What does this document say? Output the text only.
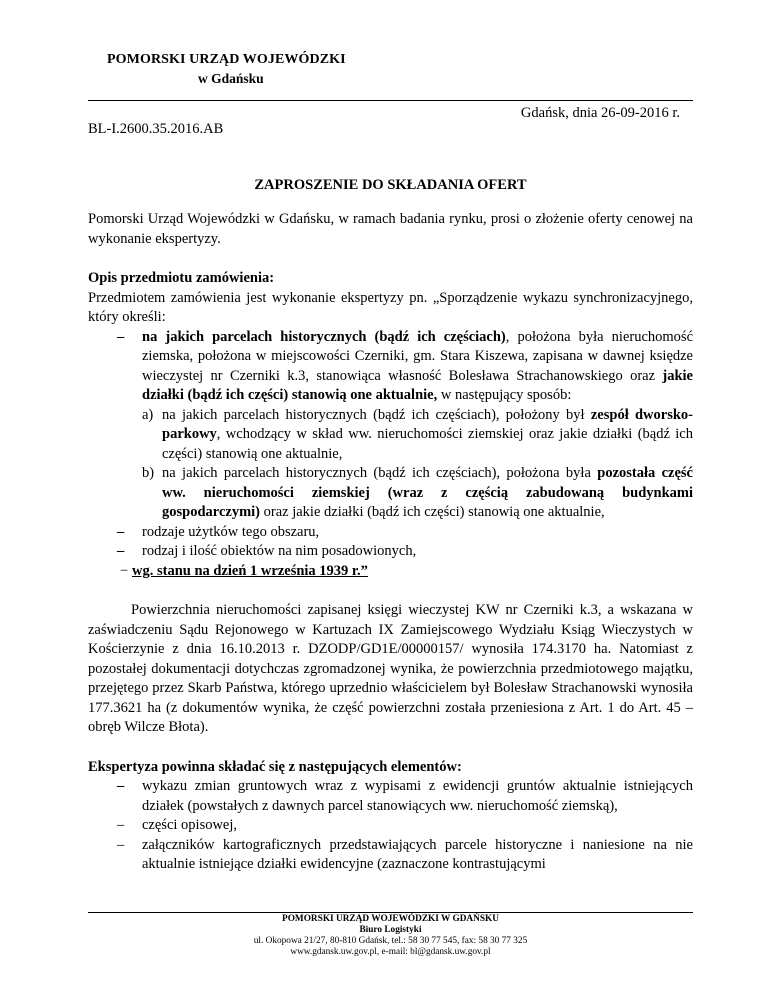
POMORSKI URZĄD WOJEWÓDZKI
w Gdańsku
Gdańsk, dnia 26-09-2016 r.
BL-I.2600.35.2016.AB
ZAPROSZENIE DO SKŁADANIA OFERT

Pomorski Urząd Wojewódzki w Gdańsku, w ramach badania rynku, prosi o złożenie oferty cenowej na wykonanie ekspertyzy.

Opis przedmiotu zamówienia:

Przedmiotem zamówienia jest wykonanie ekspertyzy pn. „Sporządzenie wykazu synchronizacyjnego, który określi:

–	na jakich parcelach historycznych (bądź ich częściach), położona była nieruchomość ziemska, położona w miejscowości Czerniki, gm. Stara Kiszewa, zapisana w dawnej księdze wieczystej nr Czerniki k.3, stanowiąca własność Bolesława Strachanowskiego oraz jakie działki (bądź ich części) stanowią one aktualnie, w następujący sposób:
a) na jakich parcelach historycznych (bądź ich częściach), położony był zespół dworsko-parkowy, wchodzący w skład ww. nieruchomości ziemskiej oraz jakie działki (bądź ich części) stanowią one aktualnie,
b) na jakich parcelach historycznych (bądź ich częściach), położona była pozostała część ww. nieruchomości ziemskiej (wraz z częścią zabudowaną budynkami gospodarczymi) oraz jakie działki (bądź ich części) stanowią one aktualnie,
–	rodzaje użytków tego obszaru,
–	rodzaj i ilość obiektów na nim posadowionych,
− wg. stanu na dzień 1 września 1939 r.”

Powierzchnia nieruchomości zapisanej księgi wieczystej KW nr Czerniki k.3, a wskazana w zaświadczeniu Sądu Rejonowego w Kartuzach IX Zamiejscowego Wydziału Ksiąg Wieczystych w Kościerzynie z dnia 16.10.2013 r. DZODP/GD1E/00000157/ wynosiła 174.3170 ha. Natomiast z pozostałej dokumentacji dotychczas zgromadzonej wynika, że powierzchnia przedmiotowego majątku, przejętego przez Skarb Państwa, którego uprzednio właścicielem był Bolesław Strachanowski wynosiła 177.3621 ha (z dokumentów wynika, że część powierzchni została przeniesiona z Art. 1 do Art. 45 – obręb Wilcze Błota).

Ekspertyza powinna składać się z następujących elementów:

–	wykazu zmian gruntowych wraz z wypisami z ewidencji gruntów aktualnie istniejących działek (powstałych z dawnych parcel stanowiących ww. nieruchomość ziemską),
–	części opisowej,
–	załączników kartograficznych przedstawiających parcele historyczne i naniesione na nie aktualnie istniejące działki ewidencyjne (zaznaczone kontrastującymi
POMORSKI URZĄD WOJEWÓDZKI W GDAŃSKU
Biuro Logistyki
ul. Okopowa 21/27, 80-810 Gdańsk, tel.: 58 30 77 545, fax: 58 30 77 325
www.gdansk.uw.gov.pl, e-mail: bl@gdansk.uw.gov.pl
